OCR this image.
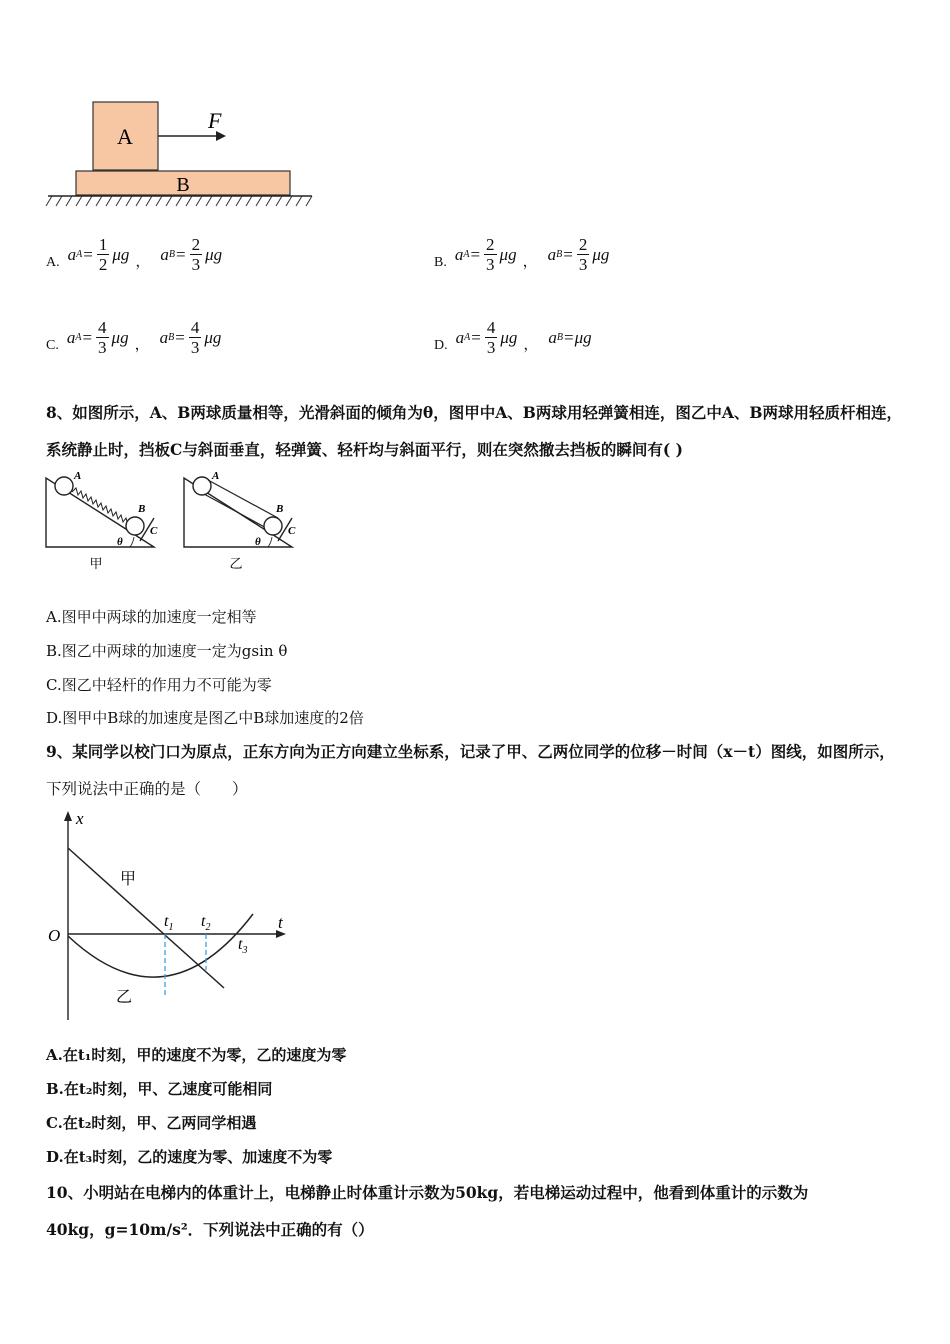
A
B
F
A. a $A = \frac{1}{2}$ μg ， a $B = \frac{2}{3}$ μg	B. a $A = \frac{2}{3}$ μg ， a $B = \frac{2}{3}$ μg
C. a $A = \frac{4}{3}$ μg ， a $B = \frac{4}{3}$ μg	D. a $A = \frac{4}{3}$ μg ， a B = μg
8、如图所示，A、B两球质量相等，光滑斜面的倾角为θ，图甲中A、B两球用轻弹簧相连，图乙中A、B两球用轻质杆相连，
系统静止时，挡板C与斜面垂直，轻弹簧、轻杆均与斜面平行，则在突然撤去挡板的瞬间有( )
A
B
C
θ
甲
A
B
C
θ
乙
A.图甲中两球的加速度一定相等
B.图乙中两球的加速度一定为gsin θ
C.图乙中轻杆的作用力不可能为零
D.图甲中B球的加速度是图乙中B球加速度的2倍
9、某同学以校门口为原点，正东方向为正方向建立坐标系，记录了甲、乙两位同学的位移－时间（x－t）图线，如图所示，
下列说法中正确的是（　　）
x
t
O
甲
乙
$t_1$ $t_2$
$t_3$
A.在t₁时刻，甲的速度不为零，乙的速度为零
B.在t₂时刻，甲、乙速度可能相同
C.在t₂时刻，甲、乙两同学相遇
D.在t₃时刻，乙的速度为零、加速度不为零
10、小明站在电梯内的体重计上，电梯静止时体重计示数为50kg，若电梯运动过程中，他看到体重计的示数为
40kg，g=10m/s²．下列说法中正确的有（）
